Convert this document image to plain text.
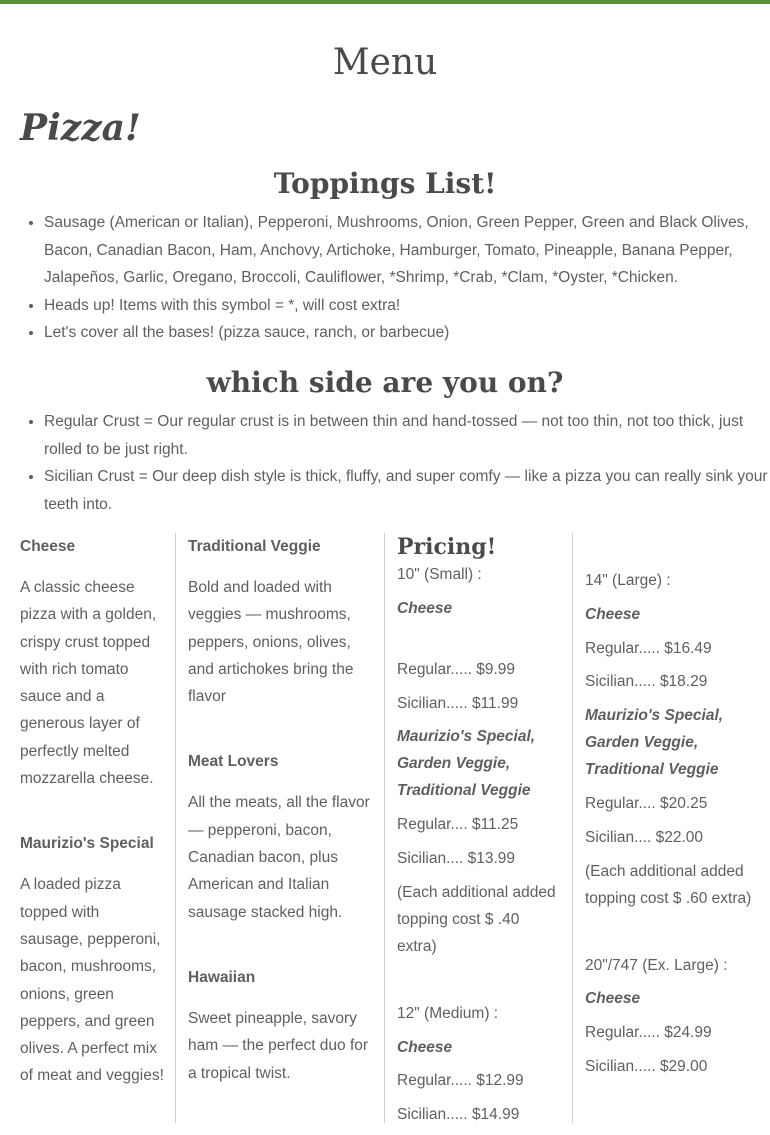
Menu
Pizza!
Toppings List!
• Sausage (American or Italian), Pepperoni, Mushrooms, Onion, Green Pepper, Green and Black Olives, Bacon, Canadian Bacon, Ham, Anchovy, Artichoke, Hamburger, Tomato, Pineapple, Banana Pepper, Jalapeños, Garlic, Oregano, Broccoli, Cauliflower, *Shrimp, *Crab, *Clam, *Oyster, *Chicken.
• Heads up! Items with this symbol = *, will cost extra!
• Let's cover all the bases! (pizza sauce, ranch, or barbecue)
which side are you on?
• Regular Crust = Our regular crust is in between thin and hand-tossed — not too thin, not too thick, just rolled to be just right.
• Sicilian Crust = Our deep dish style is thick, fluffy, and super comfy — like a pizza you can really sink your teeth into.

Cheese

A classic cheese pizza with a golden, crispy crust topped with rich tomato sauce and a generous layer of perfectly melted mozzarella cheese.

Maurizio's Special

A loaded pizza topped with sausage, pepperoni, bacon, mushrooms, onions, green peppers, and green olives. A perfect mix of meat and veggies!

Traditional Veggie

Bold and loaded with veggies — mushrooms, peppers, onions, olives, and artichokes bring the flavor

Meat Lovers

All the meats, all the flavor — pepperoni, bacon, Canadian bacon, plus American and Italian sausage stacked high.

Hawaiian

Sweet pineapple, savory ham — the perfect duo for a tropical twist.

Pricing!

10" (Small) :

Cheese

Regular..... $9.99

Sicilian..... $11.99

Maurizio's Special, Garden Veggie, Traditional Veggie

Regular.... $11.25

Sicilian.... $13.99

(Each additional added topping cost $ .40 extra)

12" (Medium) :

Cheese

Regular..... $12.99

Sicilian..... $14.99

14" (Large) :

Cheese

Regular..... $16.49

Sicilian..... $18.29

Maurizio's Special, Garden Veggie, Traditional Veggie

Regular.... $20.25

Sicilian.... $22.00

(Each additional added topping cost $ .60 extra)

20"/747 (Ex. Large) :

Cheese

Regular..... $24.99

Sicilian..... $29.00
